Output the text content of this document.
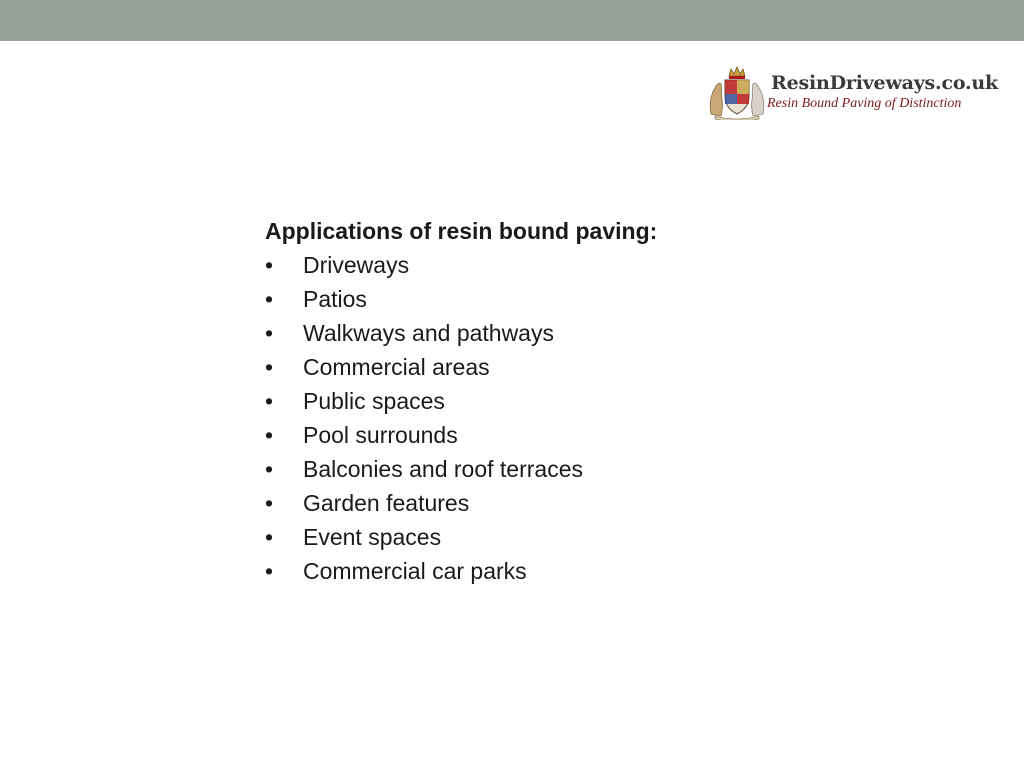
ResinDriveways.co.uk
Resin Bound Paving of Distinction

Applications of resin bound paving:

• Driveways
• Patios
• Walkways and pathways
• Commercial areas
• Public spaces
• Pool surrounds
• Balconies and roof terraces
• Garden features
• Event spaces
• Commercial car parks
